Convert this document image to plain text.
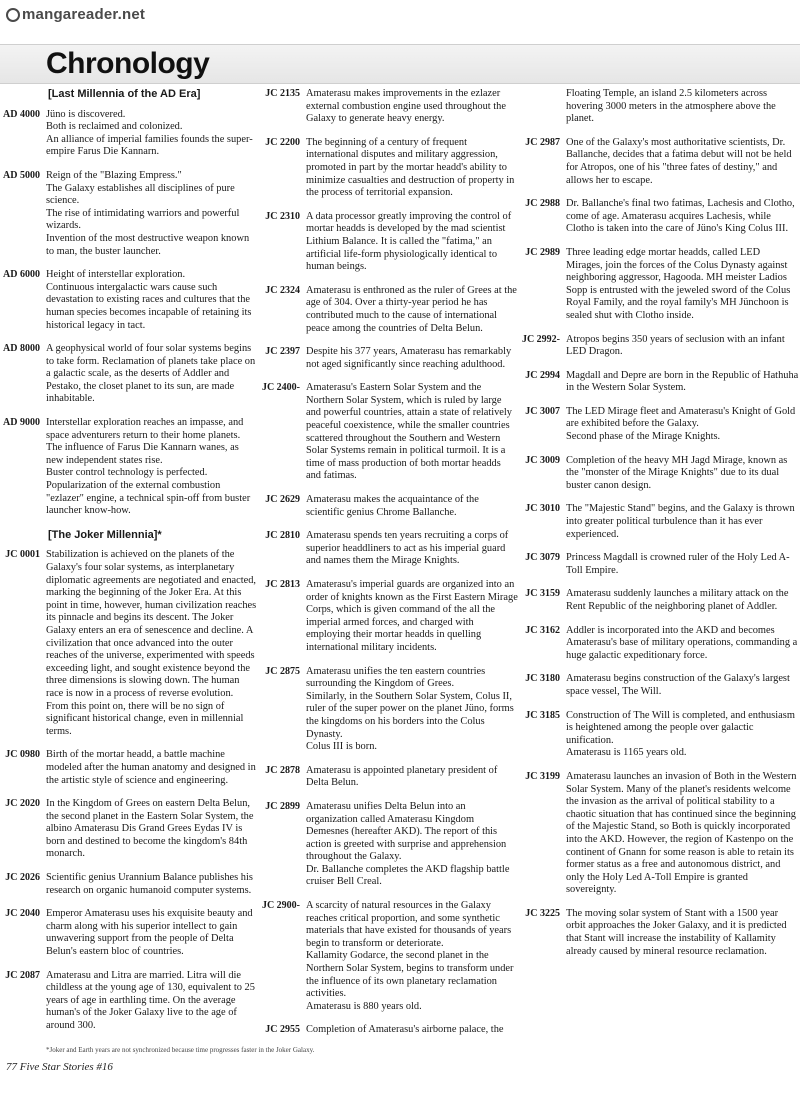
mangareader.net
Chronology
[Last Millennia of the AD Era]
AD 4000 Jüno is discovered.

Both is reclaimed and colonized.

An alliance of imperial families founds the super-empire Farus Die Kannarn.

AD 5000 Reign of the "Blazing Empress."

The Galaxy establishes all disciplines of pure science.

The rise of intimidating warriors and powerful wizards.

Invention of the most destructive weapon known to man, the buster launcher.

AD 6000 Height of interstellar exploration.

Continuous intergalactic wars cause such devastation to existing races and cultures that the human species becomes incapable of retaining its historical legacy in tact.

AD 8000 A geophysical world of four solar systems begins to take form. Reclamation of planets take place on a galactic scale, as the deserts of Addler and Pestako, the closet planet to its sun, are made inhabitable.

AD 9000 Interstellar exploration reaches an impasse, and space adventurers return to their home planets.

The influence of Farus Die Kannarn wanes, as new independent states rise.

Buster control technology is perfected.

Popularization of the external combustion "ezlazer" engine, a technical spin-off from buster launcher know-how.

[The Joker Millennia]*
JC 0001 Stabilization is achieved on the planets of the Galaxy's four solar systems, as interplanetary diplomatic agreements are negotiated and enacted, marking the beginning of the Joker Era. At this point in time, however, human civilization reaches its pinnacle and begins its descent. The Joker Galaxy enters an era of senescence and decline. A civilization that once advanced into the outer reaches of the universe, experimented with speeds exceeding light, and sought existence beyond the three dimensions is slowing down. The human race is now in a process of reverse evolution. From this point on, there will be no sign of significant historical change, even in millennial terms.

JC 0980 Birth of the mortar headd, a battle machine modeled after the human anatomy and designed in the artistic style of science and engineering.

JC 2020 In the Kingdom of Grees on eastern Delta Belun, the second planet in the Eastern Solar System, the albino Amaterasu Dis Grand Grees Eydas IV is born and destined to become the kingdom's 84th monarch.

JC 2026 Scientific genius Urannium Balance publishes his research on organic humanoid computer systems.

JC 2040 Emperor Amaterasu uses his exquisite beauty and charm along with his superior intellect to gain unwavering support from the people of Delta Belun's eastern bloc of countries.

JC 2087 Amaterasu and Litra are married. Litra will die childless at the young age of 130, equivalent to 25 years of age in earthling time. On the average human's of the Joker Galaxy live to the age of around 300.

JC 2135 Amaterasu makes improvements in the ezlazer external combustion engine used throughout the Galaxy to generate heavy energy.

JC 2200 The beginning of a century of frequent international disputes and military aggression, promoted in part by the mortar headd's ability to minimize casualties and destruction of property in the process of territorial expansion.

JC 2310 A data processor greatly improving the control of mortar headds is developed by the mad scientist Lithium Balance. It is called the "fatima," an artificial life-form physiologically identical to human beings.

JC 2324 Amaterasu is enthroned as the ruler of Grees at the age of 304. Over a thirty-year period he has contributed much to the cause of international peace among the countries of Delta Belun.

JC 2397 Despite his 377 years, Amaterasu has remarkably not aged significantly since reaching adulthood.

JC 2400- Amaterasu's Eastern Solar System and the Northern Solar System, which is ruled by large and powerful countries, attain a state of relatively peaceful coexistence, while the smaller countries scattered throughout the Southern and Western Solar Systems remain in political turmoil. It is a time of mass production of both mortar headds and fatimas.

JC 2629 Amaterasu makes the acquaintance of the scientific genius Chrome Ballanche.

JC 2810 Amaterasu spends ten years recruiting a corps of superior headdliners to act as his imperial guard and names them the Mirage Knights.

JC 2813 Amaterasu's imperial guards are organized into an order of knights known as the First Eastern Mirage Corps, which is given command of the all the imperial armed forces, and charged with employing their mortar headds in quelling international military incidents.

JC 2875 Amaterasu unifies the ten eastern countries surrounding the Kingdom of Grees.

Similarly, in the Southern Solar System, Colus II, ruler of the super power on the planet Jüno, forms the kingdoms on his borders into the Colus Dynasty.

Colus III is born.

JC 2878 Amaterasu is appointed planetary president of Delta Belun.

JC 2899 Amaterasu unifies Delta Belun into an organization called Amaterasu Kingdom Demesnes (hereafter AKD). The report of this action is greeted with surprise and apprehension throughout the Galaxy.

Dr. Ballanche completes the AKD flagship battle cruiser Bell Creal.

JC 2900- A scarcity of natural resources in the Galaxy reaches critical proportion, and some synthetic materials that have existed for thousands of years begin to transform or deteriorate.

Kallamity Godarce, the second planet in the Northern Solar System, begins to transform under the influence of its own planetary reclamation activities.

Amaterasu is 880 years old.

JC 2955 Completion of Amaterasu's airborne palace, the

Floating Temple, an island 2.5 kilometers across hovering 3000 meters in the atmosphere above the planet.
JC 2987 One of the Galaxy's most authoritative scientists, Dr. Ballanche, decides that a fatima debut will not be held for Atropos, one of his "three fates of destiny," and allows her to escape.

JC 2988 Dr. Ballanche's final two fatimas, Lachesis and Clotho, come of age. Amaterasu acquires Lachesis, while Clotho is taken into the care of Jüno's King Colus III.

JC 2989 Three leading edge mortar headds, called LED Mirages, join the forces of the Colus Dynasty against neighboring aggressor, Hagooda. MH meister Ladios Sopp is entrusted with the jeweled sword of the Colus Royal Family, and the royal family's MH Jünchoon is sealed shut with Clotho inside.

JC 2992- Atropos begins 350 years of seclusion with an infant LED Dragon.

JC 2994 Magdall and Depre are born in the Republic of Hathuha in the Western Solar System.

JC 3007 The LED Mirage fleet and Amaterasu's Knight of Gold are exhibited before the Galaxy.

Second phase of the Mirage Knights.

JC 3009 Completion of the heavy MH Jagd Mirage, known as the "monster of the Mirage Knights" due to its dual buster canon design.

JC 3010 The "Majestic Stand" begins, and the Galaxy is thrown into greater political turbulence than it has ever experienced.

JC 3079 Princess Magdall is crowned ruler of the Holy Led A-Toll Empire.

JC 3159 Amaterasu suddenly launches a military attack on the Rent Republic of the neighboring planet of Addler.

JC 3162 Addler is incorporated into the AKD and becomes Amaterasu's base of military operations, commanding a huge galactic expeditionary force.

JC 3180 Amaterasu begins construction of the Galaxy's largest space vessel, The Will.

JC 3185 Construction of The Will is completed, and enthusiasm is heightened among the people over galactic unification.

Amaterasu is 1165 years old.

JC 3199 Amaterasu launches an invasion of Both in the Western Solar System. Many of the planet's residents welcome the invasion as the arrival of political stability to a chaotic situation that has continued since the beginning of the Majestic Stand, so Both is quickly incorporated into the AKD. However, the region of Kastenpo on the continent of Gnann for some reason is able to retain its former status as a free and autonomous district, and only the Holy Led A-Toll Empire is granted sovereignty.

JC 3225 The moving solar system of Stant with a 1500 year orbit approaches the Joker Galaxy, and it is predicted that Stant will increase the instability of Kallamity already caused by mineral resource reclamation.

*Joker and Earth years are not synchronized because time progresses faster in the Joker Galaxy.
77 Five Star Stories #16
